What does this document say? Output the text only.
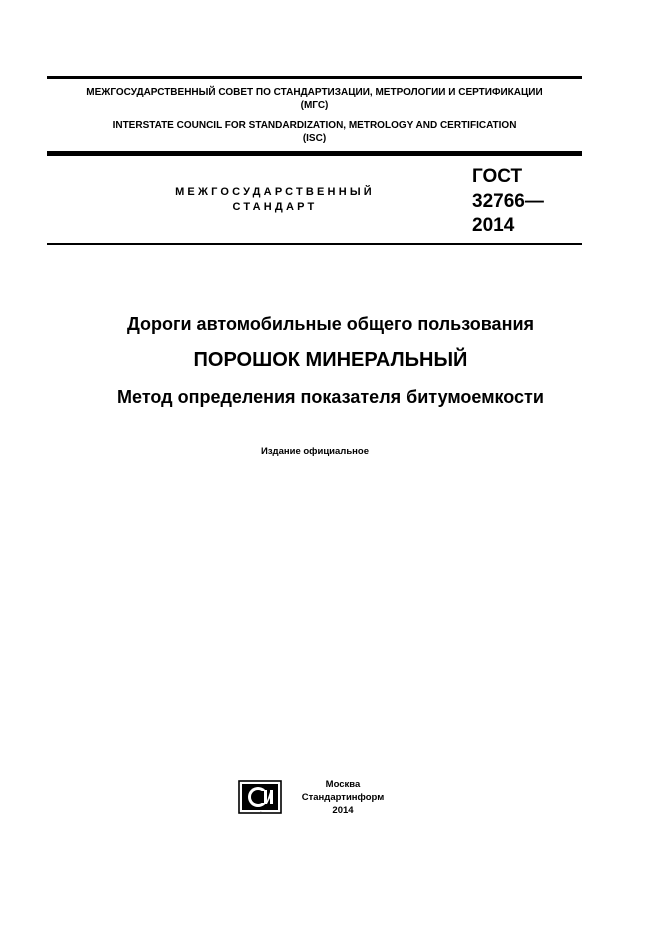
МЕЖГОСУДАРСТВЕННЫЙ СОВЕТ ПО СТАНДАРТИЗАЦИИ, МЕТРОЛОГИИ И СЕРТИФИКАЦИИ
(МГС)
INTERSTATE COUNCIL FOR STANDARDIZATION, METROLOGY AND CERTIFICATION
(ISC)
МЕЖГОСУДАРСТВЕННЫЙ
СТАНДАРТ
ГОСТ
32766—
2014
Дороги автомобильные общего пользования
ПОРОШОК МИНЕРАЛЬНЫЙ
Метод определения показателя битумоемкости
Издание официальное
СИ
Москва
Стандартинформ
2014
